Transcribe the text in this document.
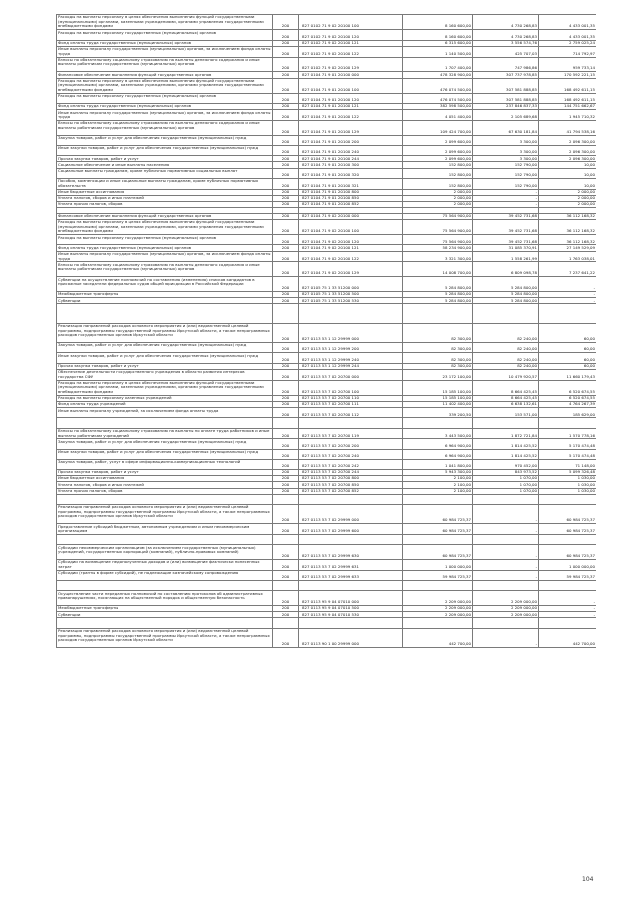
Расходы на выплаты персоналу в целях обеспечения выполнения функций государственными (муниципальными) органами, казенными учреждениями, органами управления государственными внебюджетными фондами	200	827 0102 71 9 02 20100 100	8 160 600,00	4 730 268,83	4 433 001,35
Расходы на выплаты персоналу государственных (муниципальных) органов	200	827 0102 71 9 02 20100 120	8 160 600,00	4 730 268,83	4 433 001,35
Фонд оплаты труда государственных (муниципальных) органов	200	827 0102 71 9 02 20100 121	6 315 600,00	3 556 574,76	2 759 025,24
Иные выплаты персоналу государственных (муниципальных) органов, за исключением фонда оплаты труда	200	827 0102 71 9 02 20100 122	1 140 500,00	425 707,03	714 792,97
Взносы по обязательному социальному страхованию на выплаты денежного содержания и иные выплаты работникам государственных (муниципальных) органов	200	827 0102 71 9 02 20100 129	1 707 400,00	747 986,86	959 733,14
Финансовое обеспечение выполнения функций государственных органов	200	827 0104 71 9 01 20100 000	478 328 900,00	307 737 978,85	170 592 221,15
Расходы на выплаты персоналу в целях обеспечения выполнения функций государственными (муниципальными) органами, казенными учреждениями, органами управления государственными внебюджетными фондами	200	827 0104 71 9 01 20100 100	476 074 500,00	307 581 888,85	168 492 611,15
Расходы на выплаты персоналу государственных (муниципальных) органов	200	827 0104 71 9 01 20100 120	476 074 500,00	307 581 888,85	168 492 611,15
Фонд оплаты труда государственных (муниципальных) органов	200	827 0104 71 9 01 20100 121	382 598 500,00	237 846 837,33	144 751 662,67
Иные выплаты персоналу государственных (муниципальных) органов, за исключением фонда оплаты труда	200	827 0104 71 9 01 20100 122	4 051 400,00	2 105 689,68	1 945 710,32
Взносы по обязательному социальному страхованию на выплаты денежного содержания и иные выплаты работникам государственных (муниципальных) органов	200	827 0104 71 9 01 20100 129	109 424 700,00	67 630 181,84	41 794 538,16
Закупка товаров, работ и услуг для обеспечения государственных (муниципальных) нужд	200	827 0104 71 9 01 20100 200	2 099 600,00	3 300,00	2 096 300,00
Иные закупки товаров, работ и услуг для обеспечения государственных (муниципальных) нужд	200	827 0104 71 9 01 20100 240	2 099 600,00	3 300,00	2 096 300,00
Прочая закупка товаров, работ и услуг	200	827 0104 71 9 01 20100 244	2 099 600,00	3 300,00	2 096 300,00
Социальное обеспечение и иные выплаты населению	200	827 0104 71 9 01 20100 300	152 800,00	152 790,00	10,00
Социальные выплаты гражданам, кроме публичных нормативных социальных выплат	200	827 0104 71 9 01 20100 320	152 800,00	152 790,00	10,00
Пособия, компенсации и иные социальные выплаты гражданам, кроме публичных нормативных обязательств	200	827 0104 71 9 01 20100 321	152 800,00	152 790,00	10,00
Иные бюджетные ассигнования	200	827 0104 71 9 01 20100 800	2 000,00	-	2 000,00
Уплата налогов, сборов и иных платежей	200	827 0104 71 9 01 20100 850	2 000,00	-	2 000,00
Уплата прочих налогов, сборов	200	827 0104 71 9 01 20100 852	2 000,00	-	2 000,00

Финансовое обеспечение выполнения функций государственных органов	200	827 0104 71 9 02 20100 000	75 564 900,00	39 452 731,68	36 112 168,32
Расходы на выплаты персоналу в целях обеспечения выполнения функций государственными (муниципальными) органами, казенными учреждениями, органами управления государственными внебюджетными фондами	200	827 0104 71 9 02 20100 100	75 564 900,00	39 452 731,68	36 112 168,32
Расходы на выплаты персоналу государственных (муниципальных) органов	200	827 0104 71 9 02 20100 120	75 564 900,00	39 452 731,68	36 112 168,32
Фонд оплаты труда государственных (муниципальных) органов	200	827 0104 71 9 02 20100 121	58 234 900,00	31 085 370,91	27 149 529,09
Иные выплаты персоналу государственных (муниципальных) органов, за исключением фонда оплаты труда	200	827 0104 71 9 02 20100 122	3 321 300,00	1 558 261,99	1 763 038,01
Взносы по обязательному социальному страхованию на выплаты денежного содержания и иные выплаты работникам государственных (муниципальных) органов	200	827 0104 71 9 02 20100 129	14 008 700,00	6 809 098,78	7 237 641,22
Субвенции на осуществление полномочий по составлению (изменению) списков кандидатов в присяжные заседатели федеральных судов общей юрисдикции в Российской Федерации	200	827 0105 75 1 33 51200 000	5 284 800,00	5 284 800,00	-
Межбюджетные трансферты	200	827 0105 75 1 33 51200 500	5 284 800,00	5 284 800,00	-
Субвенции	200	827 0105 75 1 33 51200 530	5 284 800,00	5 284 800,00	-

Реализация направлений расходов основного мероприятия и (или) ведомственной целевой программы, подпрограммы государственной программы Иркутской области, а также непрограммных расходов государственных органов Иркутской области	200	827 0113 53 1 12 29999 000	82 300,00	82 240,00	60,00
Закупка товаров, работ и услуг для обеспечения государственных (муниципальных) нужд	200	827 0113 53 1 12 29999 200	82 300,00	82 240,00	60,00
Иные закупки товаров, работ и услуг для обеспечения государственных (муниципальных) нужд	200	827 0113 53 1 12 29999 240	82 300,00	82 240,00	60,00
Прочая закупка товаров, работ и услуг	200	827 0113 53 1 12 29999 244	82 300,00	82 240,00	60,00
Обеспечение деятельности государственного учреждения в области развития интересов государства СФУ	200	827 0113 53 7 02 20700 000	23 172 100,00	10 479 920,57	11 660 179,43
Расходы на выплаты персоналу в целях обеспечения выполнения функций государственными (муниципальными) органами, казенными учреждениями, органами управления государственными внебюджетными фондами	200	827 0113 53 7 02 20700 100	15 185 100,00	8 664 425,45	6 520 674,55
Расходы на выплаты персоналу казенных учреждений	200	827 0113 53 7 02 20700 110	15 185 100,00	8 664 425,45	6 520 674,55
Фонд оплаты труда учреждений	200	827 0113 53 7 02 20700 111	11 402 400,00	6 638 132,61	4 764 267,39
Иные выплаты персоналу учреждений, за исключением фонда оплаты труда	200	827 0113 53 7 02 20700 112	339 200,50	153 571,00	185 629,00

Взносы по обязательному социальному страхованию на выплаты по оплате труда работников и иные выплаты работникам учреждений	200	827 0113 53 7 02 20700 119	3 443 500,00	1 872 721,84	1 570 778,16
Закупка товаров, работ и услуг для обеспечения государственных (муниципальных) нужд	200	827 0113 53 7 02 20700 200	6 964 900,00	1 814 425,52	5 170 474,48
Иные закупки товаров, работ и услуг для обеспечения государственных (муниципальных) нужд	200	827 0113 53 7 02 20700 240	6 964 900,00	1 814 425,52	5 170 474,48
Закупка товаров, работ, услуг в сфере информационно-коммуникационных технологий	200	827 0113 53 7 02 20700 242	1 041 800,00	970 452,00	71 148,00
Прочая закупка товаров, работ и услуг	200	827 0113 53 7 02 20700 244	5 943 300,00	843 973,52	5 099 326,48
Иные бюджетные ассигнования	200	827 0113 53 7 02 20700 800	2 100,00	1 070,00	1 030,00
Уплата налогов, сборов и иных платежей	200	827 0113 53 7 02 20700 850	2 100,00	1 070,00	1 030,00
Уплата прочих налогов, сборов	200	827 0113 53 7 02 20700 852	2 100,00	1 070,00	1 030,00

Реализация направлений расходов основного мероприятия и (или) ведомственной целевой программы, подпрограммы государственной программы Иркутской области, а также непрограммных расходов государственных органов Иркутской области	200	827 0113 53 7 02 29999 000	60 984 725,37	-	60 984 725,37
Предоставление субсидий бюджетным, автономным учреждениям и иным некоммерческим организациям	200	827 0113 53 7 02 29999 600	60 984 725,37	-	60 984 725,37

Субсидии некоммерческим организациям (за исключением государственных (муниципальных) учреждений, государственных корпораций (компаний), публично-правовых компаний)	200	827 0113 53 7 02 29999 630	60 984 725,37	-	60 984 725,37
Субсидии на возмещение недополученных доходов и (или) возмещение фактически понесенных затрат	200	827 0113 53 7 02 29999 631	1 000 000,00	-	1 000 000,00
Субсидии (гранты в форме субсидий), не подлежащие казначейскому сопровождению	200	827 0113 53 7 02 29999 633	59 984 725,37	-	59 984 725,37

Осуществление части переданных полномочий по составлению протоколов об административных правонарушениях, посягающих на общественный порядок и общественную безопасность	200	827 0113 95 9 04 07010 000	2 209 000,00	2 209 000,00	-
Межбюджетные трансферты	200	827 0113 95 9 04 07010 500	2 209 000,00	2 209 000,00	-
Субвенции	200	827 0113 95 9 04 07010 530	2 209 000,00	2 209 000,00	-

Реализация направлений расходов основного мероприятия и (или) ведомственной целевой программы, подпрограммы государственной программы Иркутской области, а также непрограммных расходов государственных органов Иркутской области	200	827 0113 90 1 00 29999 000	442 700,00	-	442 700,00
104
